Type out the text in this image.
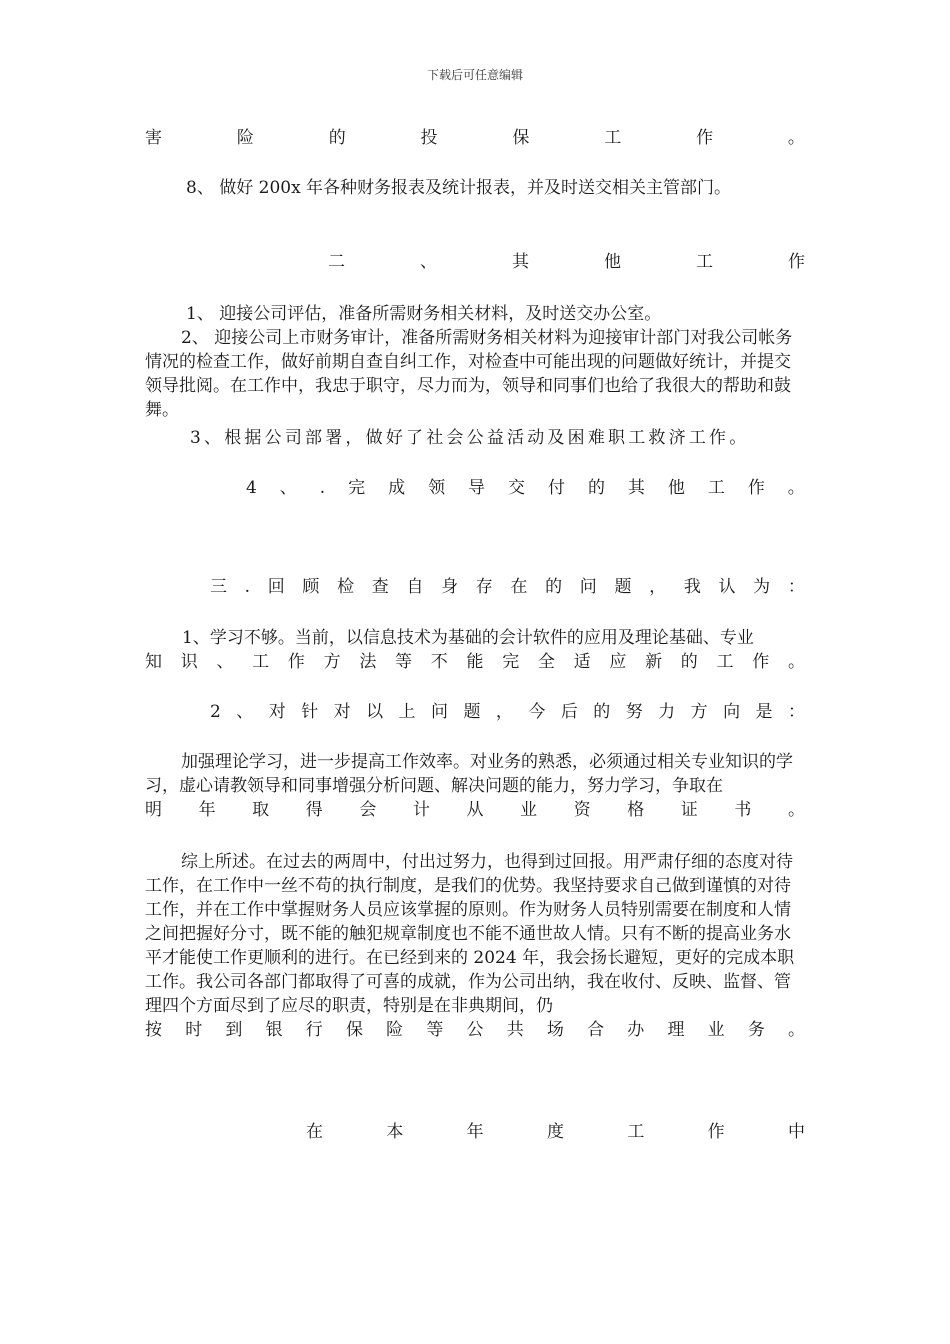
下载后可任意编辑
害	险	的	投	保	工	作	。
8、 做好 200x 年各种财务报表及统计报表，并及时送交相关主管部门。
二	、	其	他	工	作
1、 迎接公司评估，准备所需财务相关材料，及时送交办公室。
2、 迎接公司上市财务审计，准备所需财务相关材料为迎接审计部门对我公司帐务情况的检查工作，做好前期自查自纠工作，对检查中可能出现的问题做好统计，并提交领导批阅。在工作中，我忠于职守，尽力而为，领导和同事们也给了我很大的帮助和鼓舞。
3、根据公司部署，做好了社会公益活动及困难职工救济工作。
4 、 . 完 成 领 导 交 付 的 其 他 工 作 。
三 . 回 顾 检 查 自 身 存 在 的 问 题 ， 我 认 为 ：
1、学习不够。当前，以信息技术为基础的会计软件的应用及理论基础、专业
知 识 、 工 作 方 法 等 不 能 完 全 适 应 新 的 工 作 。
2 、 对 针 对 以 上 问 题 ， 今 后 的 努 力 方 向 是 ：
加强理论学习，进一步提高工作效率。对业务的熟悉，必须通过相关专业知识的学习，虚心请教领导和同事增强分析问题、解决问题的能力，努力学习，争取在
明 年 取 得 会 计 从 业 资 格 证 书 。
综上所述。在过去的两周中，付出过努力，也得到过回报。用严肃仔细的态度对待工作，在工作中一丝不苟的执行制度，是我们的优势。我坚持要求自己做到谨慎的对待工作，并在工作中掌握财务人员应该掌握的原则。作为财务人员特别需要在制度和人情之间把握好分寸，既不能的触犯规章制度也不能不通世故人情。只有不断的提高业务水平才能使工作更顺利的进行。在已经到来的 2024 年，我会扬长避短，更好的完成本职工作。我公司各部门都取得了可喜的成就，作为公司出纳，我在收付、反映、监督、管理四个方面尽到了应尽的职责，特别是在非典期间，仍
按 时 到 银 行 保 险 等 公 共 场 合 办 理 业 务 。
在	本	年	度	工	作	中
